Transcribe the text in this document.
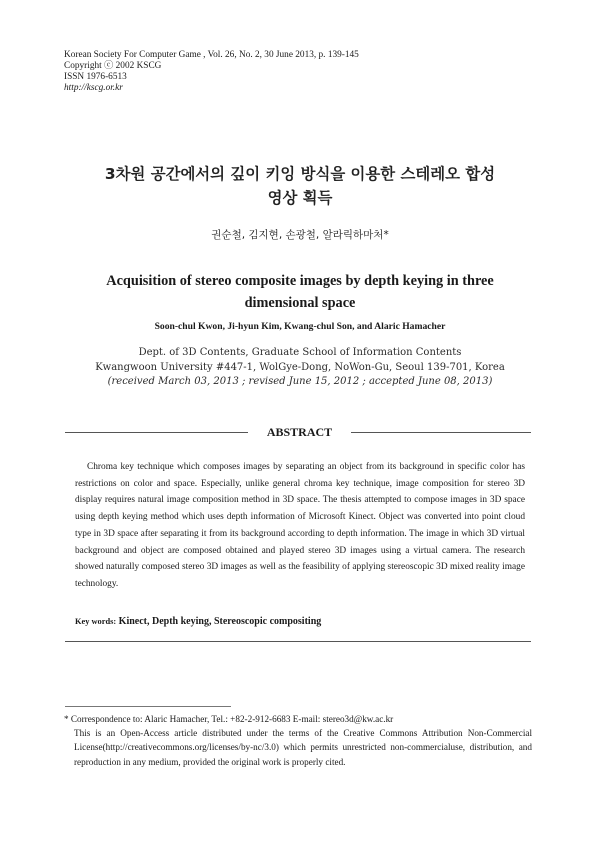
Korean Society For Computer Game , Vol. 26, No. 2, 30 June 2013, p. 139-145
Copyright ⓒ 2002 KSCG
ISSN 1976-6513
http://kscg.or.kr
3차원 공간에서의 깊이 키잉 방식을 이용한 스테레오 합성
영상 획득
권순철, 김지현, 손광철, 알라릭하마처*
Acquisition of stereo composite images by depth keying in three
dimensional space
Soon-chul Kwon, Ji-hyun Kim, Kwang-chul Son, and Alaric Hamacher
Dept. of 3D Contents, Graduate School of Information Contents
Kwangwoon University #447-1, WolGye-Dong, NoWon-Gu, Seoul 139-701, Korea
(received March 03, 2013 ; revised June 15, 2012 ; accepted June 08, 2013)
ABSTRACT
Chroma key technique which composes images by separating an object from its background in specific color has restrictions on color and space. Especially, unlike general chroma key technique, image composition for stereo 3D display requires natural image composition method in 3D space. The thesis attempted to compose images in 3D space using depth keying method which uses depth information of Microsoft Kinect. Object was converted into point cloud type in 3D space after separating it from its background according to depth information. The image in which 3D virtual background and object are composed obtained and played stereo 3D images using a virtual camera. The research showed naturally composed stereo 3D images as well as the feasibility of applying stereoscopic 3D mixed reality image technology.
Key words: Kinect, Depth keying, Stereoscopic compositing
* Correspondence to: Alaric Hamacher, Tel.: +82-2-912-6683 E-mail: stereo3d@kw.ac.kr
This is an Open-Access article distributed under the terms of the Creative Commons Attribution Non-Commercial License(http://creativecommons.org/licenses/by-nc/3.0) which permits unrestricted non-commercialuse, distribution, and reproduction in any medium, provided the original work is properly cited.
